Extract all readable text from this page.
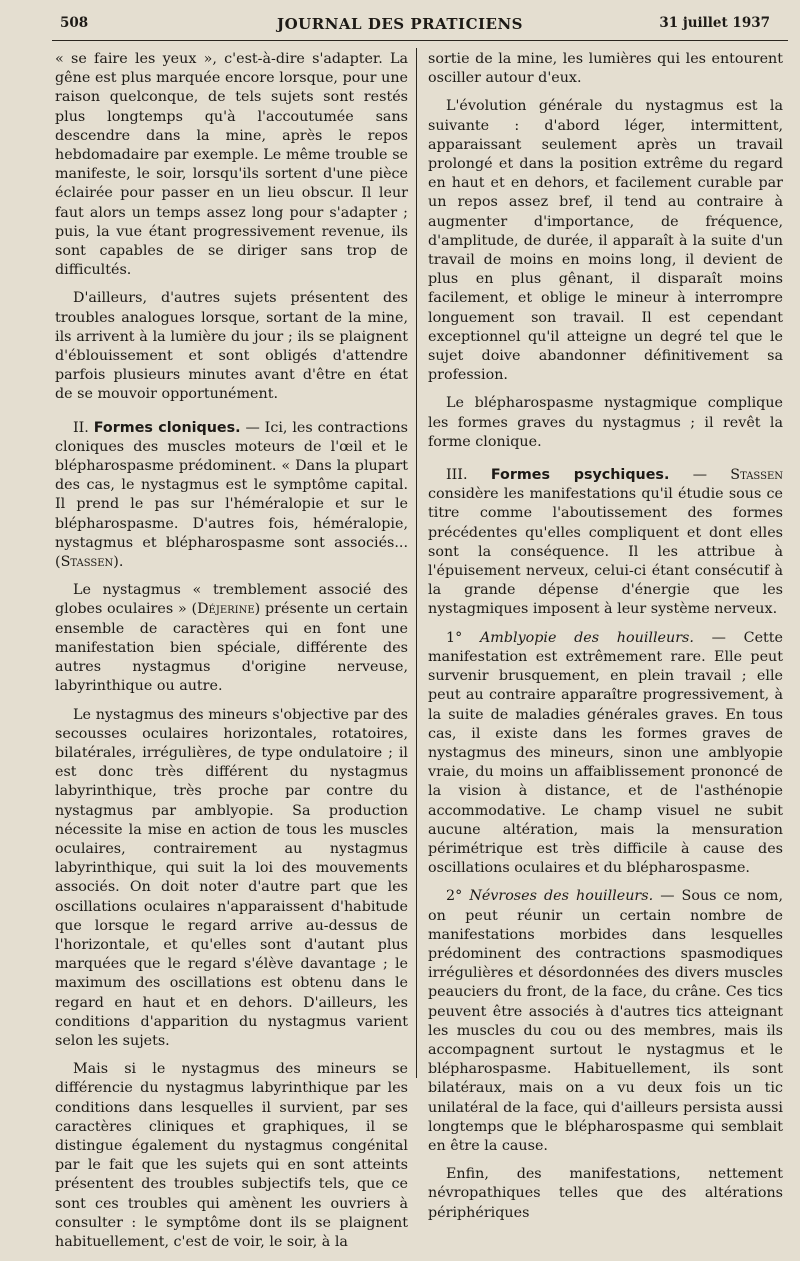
508	JOURNAL DES PRATICIENS	31 juillet 1937

« se faire les yeux », c'est-à-dire s'adapter. La gêne est plus marquée encore lorsque, pour une raison quelconque, de tels sujets sont restés plus longtemps qu'à l'accoutumée sans descendre dans la mine, après le repos hebdomadaire par exemple. Le même trouble se manifeste, le soir, lorsqu'ils sortent d'une pièce éclairée pour passer en un lieu obscur. Il leur faut alors un temps assez long pour s'adapter ; puis, la vue étant progressivement revenue, ils sont capables de se diriger sans trop de difficultés.

D'ailleurs, d'autres sujets présentent des troubles analogues lorsque, sortant de la mine, ils arrivent à la lumière du jour ; ils se plaignent d'éblouissement et sont obligés d'attendre parfois plusieurs minutes avant d'être en état de se mouvoir opportunément.

II. Formes cloniques. — Ici, les contractions cloniques des muscles moteurs de l'œil et le blépharospasme prédominent. « Dans la plupart des cas, le nystagmus est le symptôme capital. Il prend le pas sur l'héméralopie et sur le blépharospasme. D'autres fois, héméralopie, nystagmus et blépharospasme sont associés... (Stassen).

Le nystagmus « tremblement associé des globes oculaires » (Déjerine) présente un certain ensemble de caractères qui en font une manifestation bien spéciale, différente des autres nystagmus d'origine nerveuse, labyrinthique ou autre.

Le nystagmus des mineurs s'objective par des secousses oculaires horizontales, rotatoires, bilatérales, irrégulières, de type ondulatoire ; il est donc très différent du nystagmus labyrinthique, très proche par contre du nystagmus par amblyopie. Sa production nécessite la mise en action de tous les muscles oculaires, contrairement au nystagmus labyrinthique, qui suit la loi des mouvements associés. On doit noter d'autre part que les oscillations oculaires n'apparaissent d'habitude que lorsque le regard arrive au-dessus de l'horizontale, et qu'elles sont d'autant plus marquées que le regard s'élève davantage ; le maximum des oscillations est obtenu dans le regard en haut et en dehors. D'ailleurs, les conditions d'apparition du nystagmus varient selon les sujets.

Mais si le nystagmus des mineurs se différencie du nystagmus labyrinthique par les conditions dans lesquelles il survient, par ses caractères cliniques et graphiques, il se distingue également du nystagmus congénital par le fait que les sujets qui en sont atteints présentent des troubles subjectifs tels, que ce sont ces troubles qui amènent les ouvriers à consulter : le symptôme dont ils se plaignent habituellement, c'est de voir, le soir, à la

sortie de la mine, les lumières qui les entourent osciller autour d'eux.

L'évolution générale du nystagmus est la suivante : d'abord léger, intermittent, apparaissant seulement après un travail prolongé et dans la position extrême du regard en haut et en dehors, et facilement curable par un repos assez bref, il tend au contraire à augmenter d'importance, de fréquence, d'amplitude, de durée, il apparaît à la suite d'un travail de moins en moins long, il devient de plus en plus gênant, il disparaît moins facilement, et oblige le mineur à interrompre longuement son travail. Il est cependant exceptionnel qu'il atteigne un degré tel que le sujet doive abandonner définitivement sa profession.

Le blépharospasme nystagmique complique les formes graves du nystagmus ; il revêt la forme clonique.

III. Formes psychiques. — Stassen considère les manifestations qu'il étudie sous ce titre comme l'aboutissement des formes précédentes qu'elles compliquent et dont elles sont la conséquence. Il les attribue à l'épuisement nerveux, celui-ci étant consécutif à la grande dépense d'énergie que les nystagmiques imposent à leur système nerveux.

1° Amblyopie des houilleurs. — Cette manifestation est extrêmement rare. Elle peut survenir brusquement, en plein travail ; elle peut au contraire apparaître progressivement, à la suite de maladies générales graves. En tous cas, il existe dans les formes graves de nystagmus des mineurs, sinon une amblyopie vraie, du moins un affaiblissement prononcé de la vision à distance, et de l'asthénopie accommodative. Le champ visuel ne subit aucune altération, mais la mensuration périmétrique est très difficile à cause des oscillations oculaires et du blépharospasme.

2° Névroses des houilleurs. — Sous ce nom, on peut réunir un certain nombre de manifestations morbides dans lesquelles prédominent des contractions spasmodiques irrégulières et désordonnées des divers muscles peauciers du front, de la face, du crâne. Ces tics peuvent être associés à d'autres tics atteignant les muscles du cou ou des membres, mais ils accompagnent surtout le nystagmus et le blépharospasme. Habituellement, ils sont bilatéraux, mais on a vu deux fois un tic unilatéral de la face, qui d'ailleurs persista aussi longtemps que le blépharospasme qui semblait en être la cause.

Enfin, des manifestations, nettement névropathiques telles que des altérations périphériques
